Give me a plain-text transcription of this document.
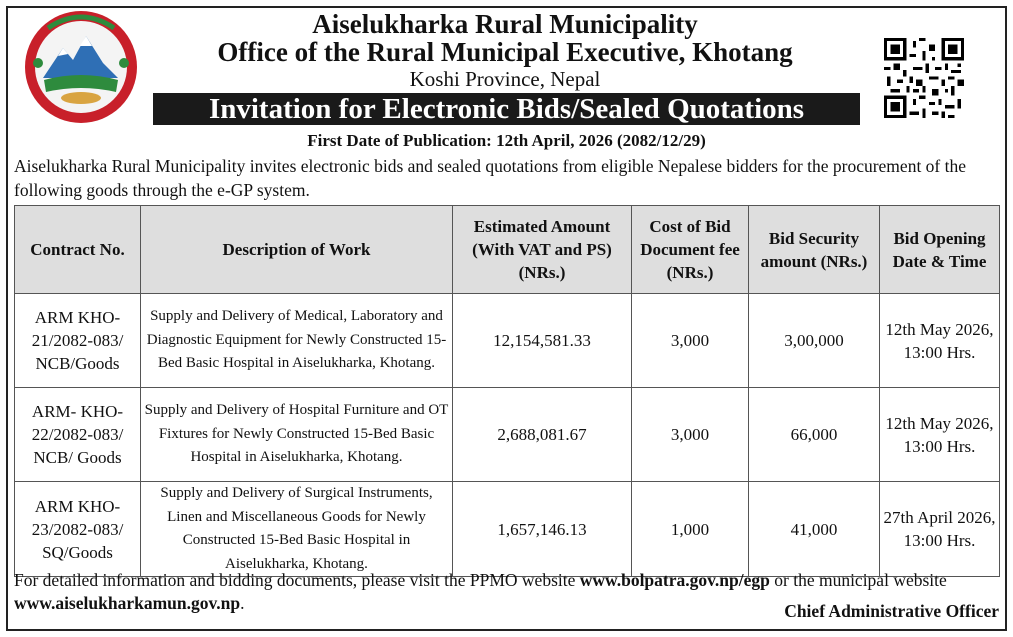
Aiselukharka Rural Municipality
Office of the Rural Municipal Executive, Khotang
Koshi Province, Nepal
Invitation for Electronic Bids/Sealed Quotations
First Date of Publication: 12th April, 2026 (2082/12/29)
Aiselukharka Rural Municipality invites electronic bids and sealed quotations from eligible Nepalese bidders for the procurement of the following goods through the e-GP system.
Contract No.	Description of Work	Estimated Amount (With VAT and PS) (NRs.)	Cost of Bid Document fee (NRs.)	Bid Security amount (NRs.)	Bid Opening Date & Time
ARM KHO-21/2082-083/ NCB/Goods	Supply and Delivery of Medical, Laboratory and Diagnostic Equipment for Newly Constructed 15-Bed Basic Hospital in Aiselukharka, Khotang.	12,154,581.33	3,000	3,00,000	12th May 2026, 13:00 Hrs.
ARM- KHO-22/2082-083/ NCB/ Goods	Supply and Delivery of Hospital Furniture and OT Fixtures for Newly Constructed 15-Bed Basic Hospital in Aiselukharka, Khotang.	2,688,081.67	3,000	66,000	12th May 2026, 13:00 Hrs.
ARM KHO-23/2082-083/ SQ/Goods	Supply and Delivery of Surgical Instruments, Linen and Miscellaneous Goods for Newly Constructed 15-Bed Basic Hospital in Aiselukharka, Khotang.	1,657,146.13	1,000	41,000	27th April 2026, 13:00 Hrs.
For detailed information and bidding documents, please visit the PPMO website www.bolpatra.gov.np/egp or the municipal website www.aiselukharkamun.gov.np.	Chief Administrative Officer
